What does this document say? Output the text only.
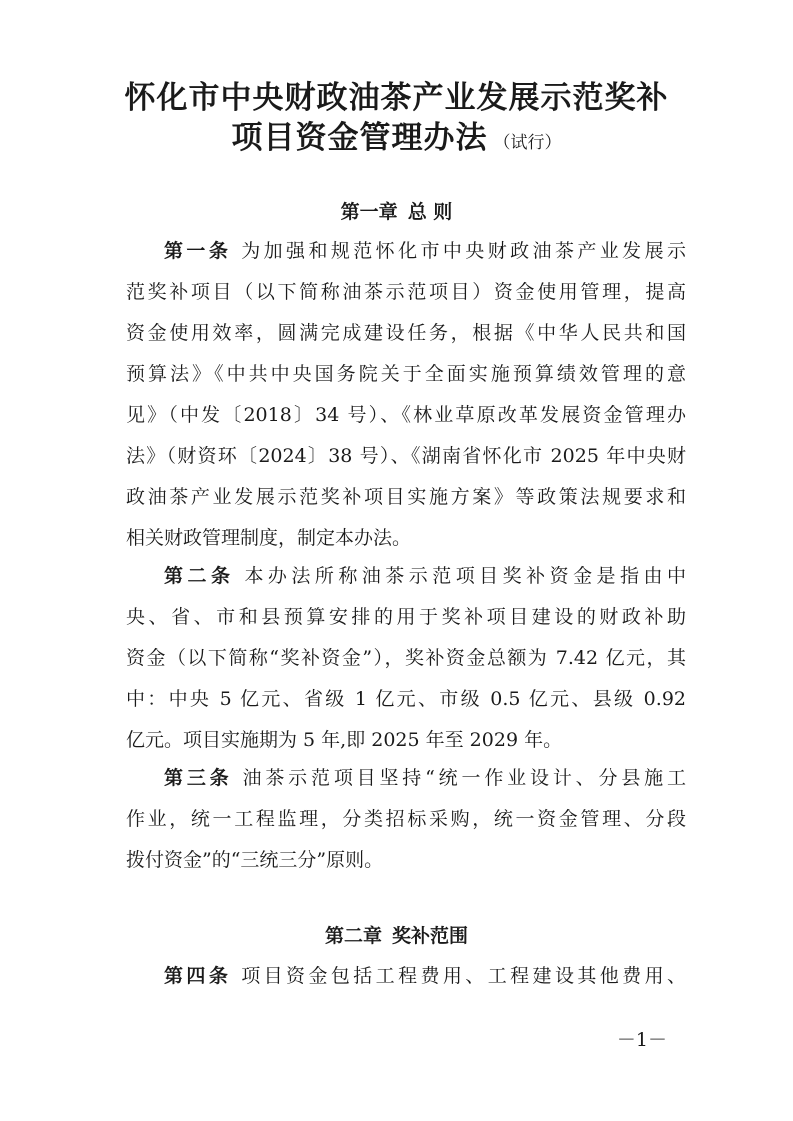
怀化市中央财政油茶产业发展示范奖补
项目资金管理办法 （试行）
第一章 总 则
第一条 为加强和规范怀化市中央财政油茶产业发展示
范奖补项目（以下简称油茶示范项目）资金使用管理，提高
资金使用效率，圆满完成建设任务，根据《中华人民共和国
预算法》《中共中央国务院关于全面实施预算绩效管理的意
见》（中发〔2018〕34 号）、《林业草原改革发展资金管理办
法》（财资环〔2024〕38 号）、《湖南省怀化市 2025 年中央财
政油茶产业发展示范奖补项目实施方案》等政策法规要求和
相关财政管理制度，制定本办法。
第二条 本办法所称油茶示范项目奖补资金是指由中
央、省、市和县预算安排的用于奖补项目建设的财政补助
资金（以下简称“奖补资金”），奖补资金总额为 7.42 亿元，其
中：中央 5 亿元、省级 1 亿元、市级 0.5 亿元、县级 0.92
亿元。项目实施期为 5 年,即 2025 年至 2029 年。
第三条 油茶示范项目坚持“统一作业设计、分县施工
作业，统一工程监理，分类招标采购，统一资金管理、分段
拨付资金”的“三统三分”原则。
第二章 奖补范围
第四条 项目资金包括工程费用、工程建设其他费用、
－1－
